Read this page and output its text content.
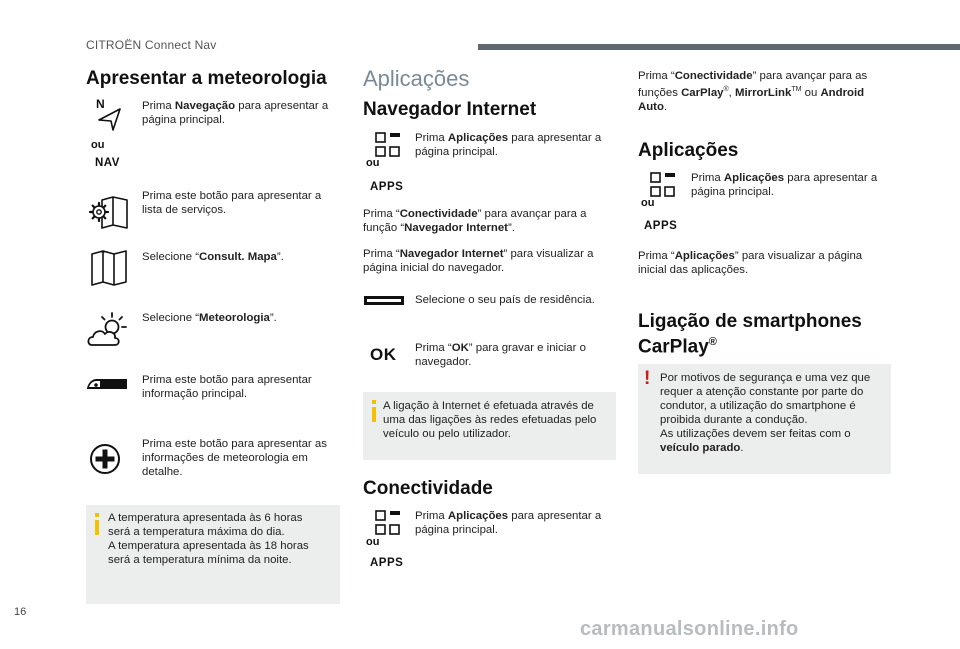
CITROËN Connect Nav
16
carmanualsonline.info
Apresentar a meteorologia
N
ou
NAV
Prima Navegação para apresentar a página principal.
Prima este botão para apresentar a lista de serviços.
Selecione “Consult. Mapa”.
Selecione “Meteorologia”.
Prima este botão para apresentar informação principal.
Prima este botão para apresentar as informações de meteorologia em detalhe.
A temperatura apresentada às 6 horas
será a temperatura máxima do dia.
A temperatura apresentada às 18 horas
será a temperatura mínima da noite.
Aplicações
Navegador Internet
ou
APPS
Prima Aplicações para apresentar a página principal.
Prima “Conectividade” para avançar para a função “Navegador Internet”.
Prima “Navegador Internet” para visualizar a página inicial do navegador.
Selecione o seu país de residência.
OK Prima “OK” para gravar e iniciar o navegador.
A ligação à Internet é efetuada através de
uma das ligações às redes efetuadas pelo
veículo ou pelo utilizador.
Conectividade
ou
APPS
Prima Aplicações para apresentar a página principal.
Prima “Conectividade” para avançar para as funções CarPlay®, MirrorLink™ ou Android Auto.
Aplicações
ou
APPS
Prima Aplicações para apresentar a página principal.
Prima “Aplicações” para visualizar a página inicial das aplicações.
Ligação de smartphones
CarPlay®
! Por motivos de segurança e uma vez que
requer a atenção constante por parte do
condutor, a utilização do smartphone é
proibida durante a condução.
As utilizações devem ser feitas com o
veículo parado.
